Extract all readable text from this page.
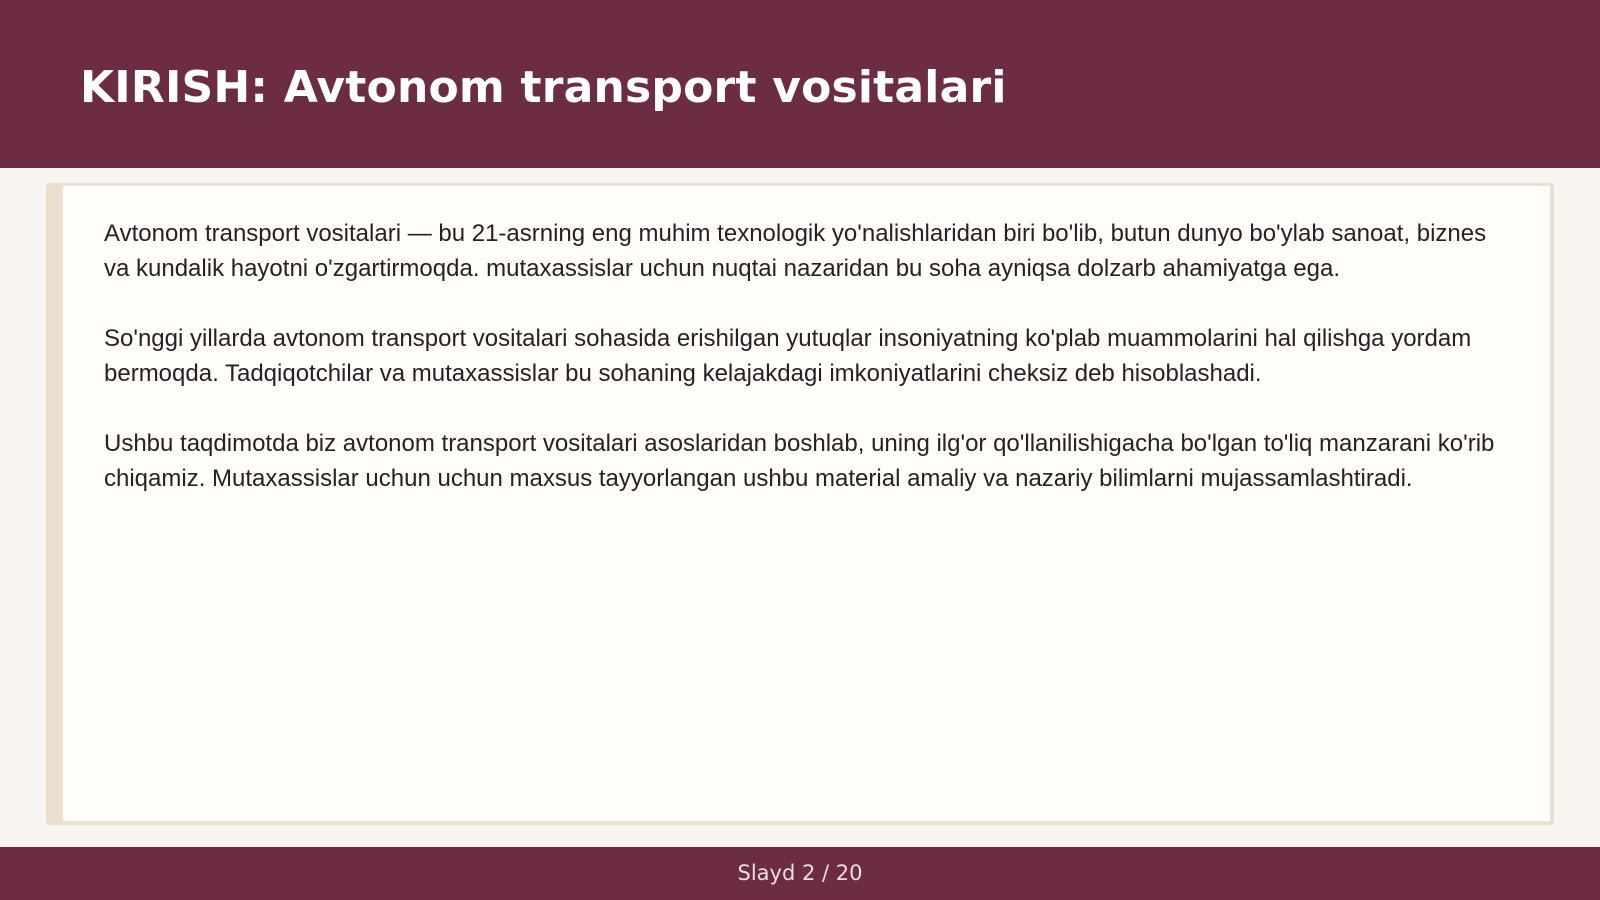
KIRISH: Avtonom transport vositalari

Avtonom transport vositalari — bu 21-asrning eng muhim texnologik yo'nalishlaridan biri bo'lib, butun dunyo bo'ylab sanoat, biznes va kundalik hayotni o'zgartirmoqda. mutaxassislar uchun nuqtai nazaridan bu soha ayniqsa dolzarb ahamiyatga ega.

So'nggi yillarda avtonom transport vositalari sohasida erishilgan yutuqlar insoniyatning ko'plab muammolarini hal qilishga yordam bermoqda. Tadqiqotchilar va mutaxassislar bu sohaning kelajakdagi imkoniyatlarini cheksiz deb hisoblashadi.

Ushbu taqdimotda biz avtonom transport vositalari asoslaridan boshlab, uning ilg'or qo'llanilishigacha bo'lgan to'liq manzarani ko'rib chiqamiz. Mutaxassislar uchun uchun maxsus tayyorlangan ushbu material amaliy va nazariy bilimlarni mujassamlashtiradi.

Slayd 2 / 20
